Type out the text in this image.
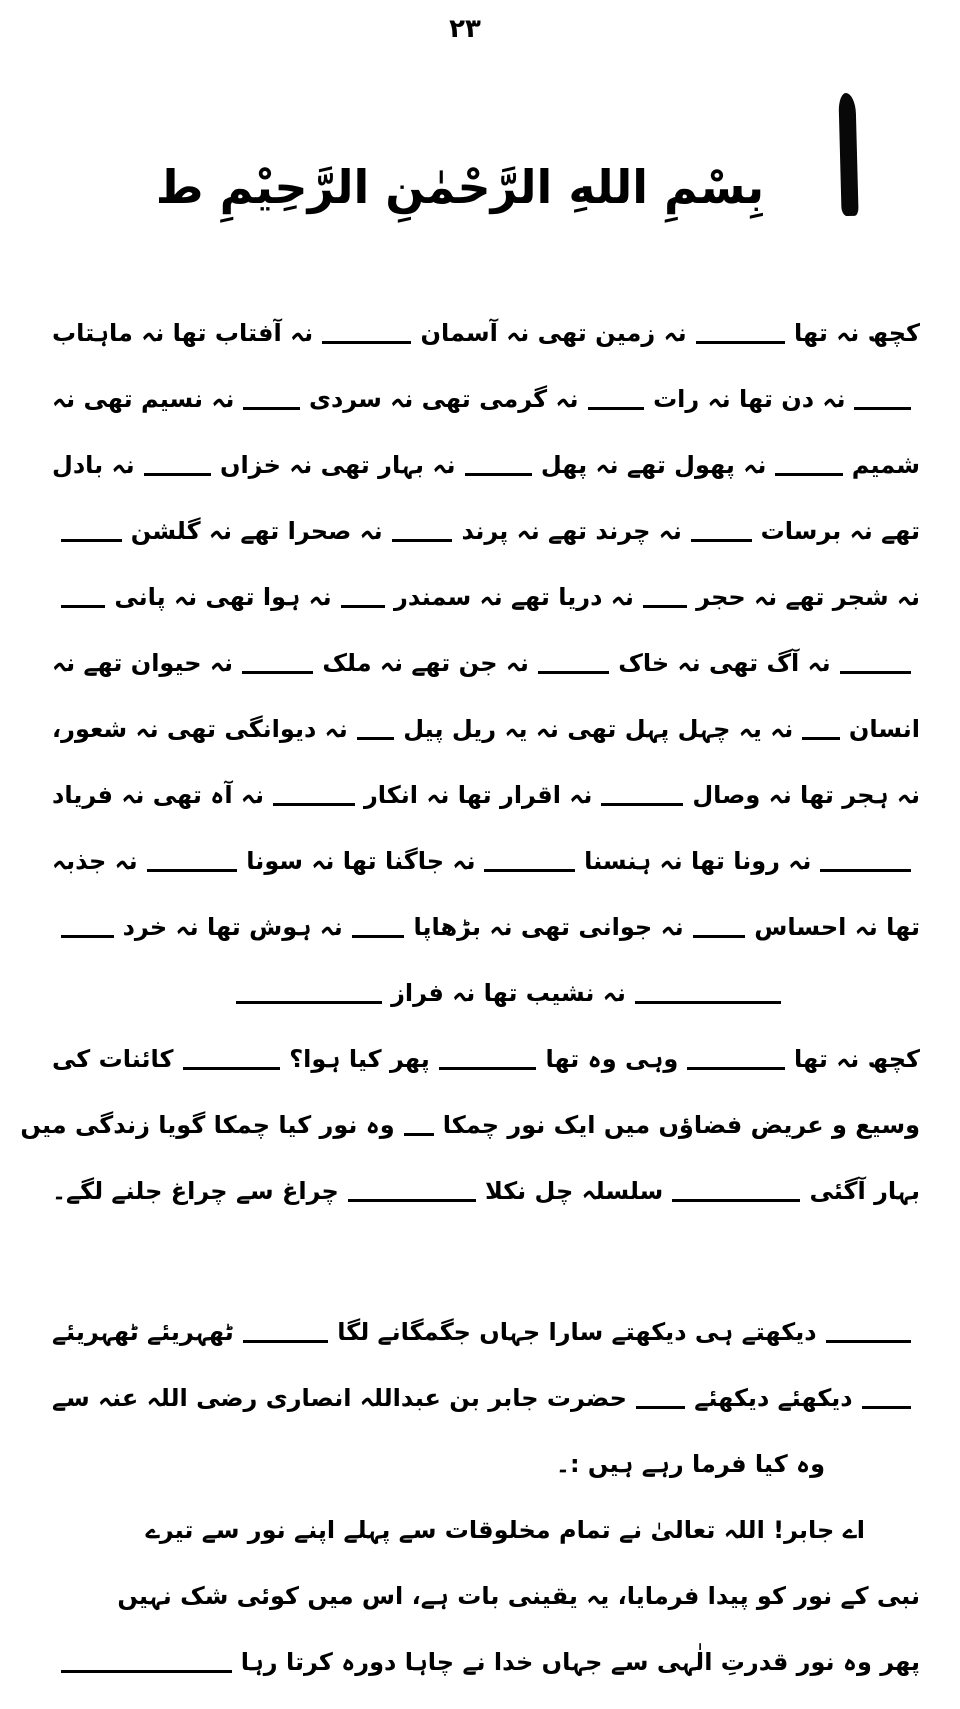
٢٣
بِسْمِ اللهِ الرَّحْمٰنِ الرَّحِيْمِ ط
کچھ نہ تھا
نہ زمین تھی نہ آسمان
نہ آفتاب تھا نہ ماہتاب
نہ دن تھا نہ رات
نہ گرمی تھی نہ سردی
نہ نسیم تھی نہ
شمیم
نہ پھول تھے نہ پھل
نہ بہار تھی نہ خزاں
نہ بادل
تھے نہ برسات
نہ چرند تھے نہ پرند
نہ صحرا تھے نہ گلشن
نہ شجر تھے نہ حجر
نہ دریا تھے نہ سمندر
نہ ہوا تھی نہ پانی
نہ آگ تھی نہ خاک
نہ جن تھے نہ ملک
نہ حیوان تھے نہ
انسان
نہ یہ چہل پہل تھی نہ یہ ریل پیل
نہ دیوانگی تھی نہ شعور،
نہ ہجر تھا نہ وصال
نہ اقرار تھا نہ انکار
نہ آہ تھی نہ فریاد
نہ رونا تھا نہ ہنسنا
نہ جاگنا تھا نہ سونا
نہ جذبہ
تھا نہ احساس
نہ جوانی تھی نہ بڑھاپا
نہ ہوش تھا نہ خرد
نہ نشیب تھا نہ فراز
کچھ نہ تھا
وہی وہ تھا
پھر کیا ہوا؟
کائنات کی
وسیع و عریض فضاؤں میں ایک نور چمکا
وہ نور کیا چمکا گویا زندگی میں
بہار آگئی
سلسلہ چل نکلا
چراغ سے چراغ جلنے لگے۔
دیکھتے ہی دیکھتے سارا جہاں جگمگانے لگا
ٹھہریئے ٹھہریئے
دیکھئے دیکھئے
حضرت جابر بن عبداللہ انصاری رضی اللہ عنہ سے
وہ کیا فرما رہے ہیں :۔
اے جابر! اللہ تعالیٰ نے تمام مخلوقات سے پہلے اپنے نور سے تیرے
نبی کے نور کو پیدا فرمایا، یہ یقینی بات ہے، اس میں کوئی شک نہیں
پھر وہ نور قدرتِ الٰہی سے جہاں خدا نے چاہا دورہ کرتا رہا
